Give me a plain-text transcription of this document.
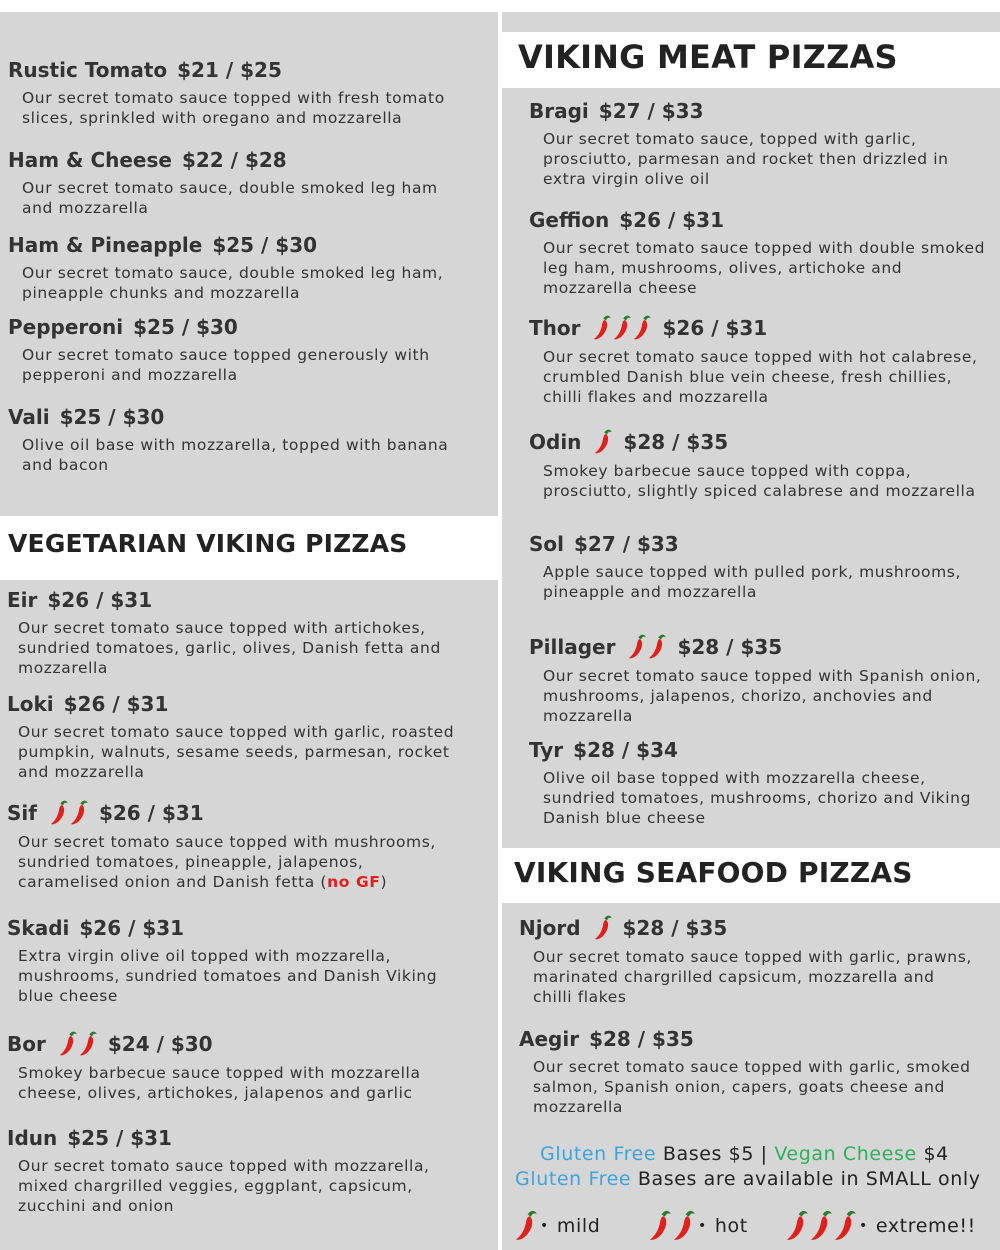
VEGETARIAN VIKING PIZZAS
VIKING MEAT PIZZAS
VIKING SEAFOOD PIZZAS
Rustic Tomato $21 / $25
Our secret tomato sauce topped with fresh tomato
slices, sprinkled with oregano and mozzarella
Ham & Cheese $22 / $28
Our secret tomato sauce, double smoked leg ham
and mozzarella
Ham & Pineapple $25 / $30
Our secret tomato sauce, double smoked leg ham,
pineapple chunks and mozzarella
Pepperoni $25 / $30
Our secret tomato sauce topped generously with
pepperoni and mozzarella
Vali $25 / $30
Olive oil base with mozzarella, topped with banana
and bacon
Eir $26 / $31
Our secret tomato sauce topped with artichokes,
sundried tomatoes, garlic, olives, Danish fetta and
mozzarella
Loki $26 / $31
Our secret tomato sauce topped with garlic, roasted
pumpkin, walnuts, sesame seeds, parmesan, rocket
and mozzarella
Sif	$26 / $31
Our secret tomato sauce topped with mushrooms,
sundried tomatoes, pineapple, jalapenos,
caramelised onion and Danish fetta (no GF)
Skadi $26 / $31
Extra virgin olive oil topped with mozzarella,
mushrooms, sundried tomatoes and Danish Viking
blue cheese
Bor	$24 / $30
Smokey barbecue sauce topped with mozzarella
cheese, olives, artichokes, jalapenos and garlic
Idun $25 / $31
Our secret tomato sauce topped with mozzarella,
mixed chargrilled veggies, eggplant, capsicum,
zucchini and onion
Bragi $27 / $33
Our secret tomato sauce, topped with garlic,
prosciutto, parmesan and rocket then drizzled in
extra virgin olive oil
Geffion $26 / $31
Our secret tomato sauce topped with double smoked
leg ham, mushrooms, olives, artichoke and
mozzarella cheese
Thor	$26 / $31
Our secret tomato sauce topped with hot calabrese,
crumbled Danish blue vein cheese, fresh chillies,
chilli flakes and mozzarella
Odin $28 / $35
Smokey barbecue sauce topped with coppa,
prosciutto, slightly spiced calabrese and mozzarella
Sol $27 / $33
Apple sauce topped with pulled pork, mushrooms,
pineapple and mozzarella
Pillager	$28 / $35
Our secret tomato sauce topped with Spanish onion,
mushrooms, jalapenos, chorizo, anchovies and
mozzarella
Tyr $28 / $34
Olive oil base topped with mozzarella cheese,
sundried tomatoes, mushrooms, chorizo and Viking
Danish blue cheese
Njord $28 / $35
Our secret tomato sauce topped with garlic, prawns,
marinated chargrilled capsicum, mozzarella and
chilli flakes
Aegir $28 / $35
Our secret tomato sauce topped with garlic, smoked
salmon, Spanish onion, capers, goats cheese and
mozzarella
Gluten Free Bases $5 | Vegan Cheese $4
Gluten Free Bases are available in SMALL only
• mild	• hot	• extreme!!
